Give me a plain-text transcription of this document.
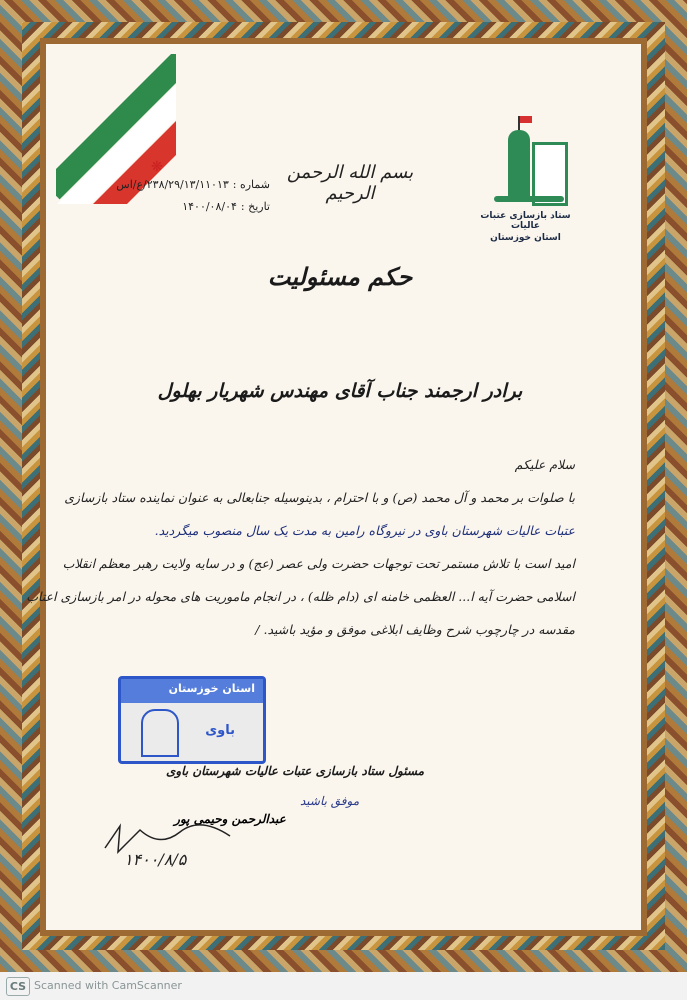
❋
ستاد بازسازی عتبات عالیات
استان خوزستان
بسم الله الرحمن الرحیم
شماره :۲۳۸/۲۹/۱۳/۱۱۰۱۳/ع/اس
تاریخ :۱۴۰۰/۰۸/۰۴
حکم مسئولیت
برادر ارجمند جناب آقای مهندس شهریار بهلول

سلام علیکم

با صلوات بر محمد و آل محمد (ص) و با احترام ، بدینوسیله جنابعالی به عنوان نماینده ستاد بازسازی

عتبات عالیات شهرستان باوی در نیروگاه رامین به مدت یک سال منصوب میگردید.

امید است با تلاش مستمر تحت توجهات حضرت ولی عصر (عج) و در سایه ولایت رهبر معظم انقلاب

اسلامی حضرت آیه ا... العظمی خامنه ای (دام ظله) ، در انجام ماموریت های محوله در امر بازسازی اعتاب

مقدسه در چارچوب شرح وظایف ابلاغی موفق و مؤید باشید. /

استان خوزستان
باوی
مسئول ستاد بازسازی عتبات عالیات شهرستان باوی
موفق باشید
عبدالرحمن وحیمی پور
۱۴۰۰/۸/۵
CS Scanned with CamScanner
